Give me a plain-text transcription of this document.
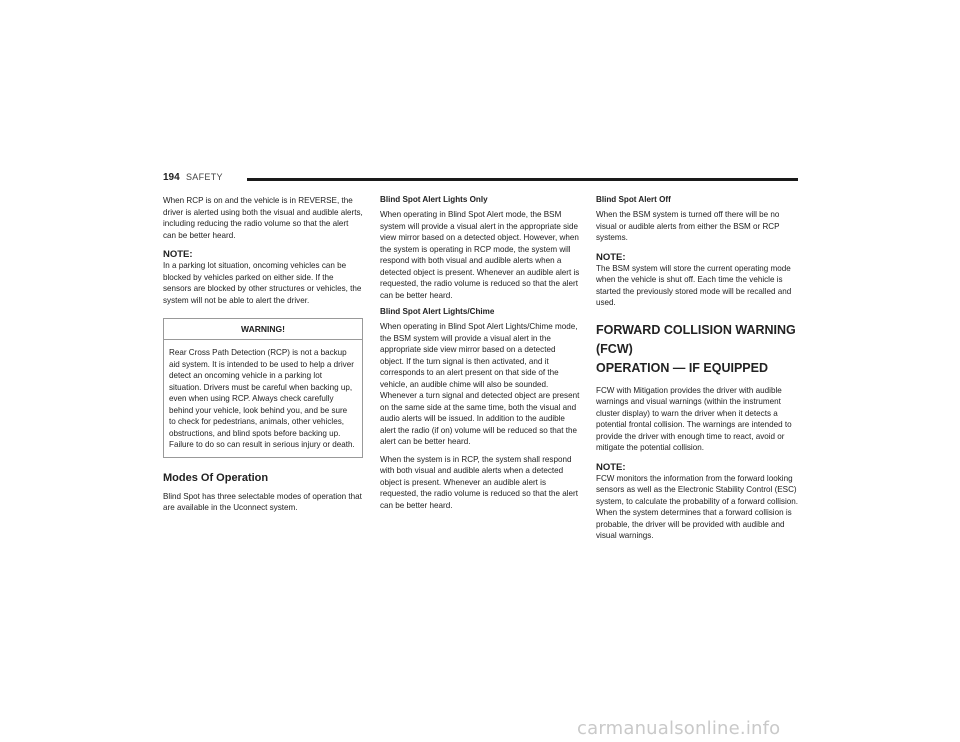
194 SAFETY

When RCP is on and the vehicle is in REVERSE, the driver is alerted using both the visual and audible alerts, including reducing the radio volume so that the alert can be better heard.

NOTE:

In a parking lot situation, oncoming vehicles can be blocked by vehicles parked on either side. If the sensors are blocked by other structures or vehicles, the system will not be able to alert the driver.

WARNING!
Rear Cross Path Detection (RCP) is not a backup aid system. It is intended to be used to help a driver detect an oncoming vehicle in a parking lot situation. Drivers must be careful when backing up, even when using RCP. Always check carefully behind your vehicle, look behind you, and be sure to check for pedestrians, animals, other vehicles, obstructions, and blind spots before backing up. Failure to do so can result in serious injury or death.
Modes Of Operation

Blind Spot has three selectable modes of operation that are available in the Uconnect system.

Blind Spot Alert Lights Only

When operating in Blind Spot Alert mode, the BSM system will provide a visual alert in the appropriate side view mirror based on a detected object. However, when the system is operating in RCP mode, the system will respond with both visual and audible alerts when a detected object is present. Whenever an audible alert is requested, the radio volume is reduced so that the alert can be better heard.

Blind Spot Alert Lights/Chime

When operating in Blind Spot Alert Lights/Chime mode, the BSM system will provide a visual alert in the appropriate side view mirror based on a detected object. If the turn signal is then activated, and it corresponds to an alert present on that side of the vehicle, an audible chime will also be sounded. Whenever a turn signal and detected object are present on the same side at the same time, both the visual and audio alerts will be issued. In addition to the audible alert the radio (if on) volume will be reduced so that the alert can be better heard.

When the system is in RCP, the system shall respond with both visual and audible alerts when a detected object is present. Whenever an audible alert is requested, the radio volume is reduced so that the alert can be better heard.

Blind Spot Alert Off

When the BSM system is turned off there will be no visual or audible alerts from either the BSM or RCP systems.

NOTE:

The BSM system will store the current operating mode when the vehicle is shut off. Each time the vehicle is started the previously stored mode will be recalled and used.

FORWARD COLLISION WARNING (FCW)
OPERATION — IF EQUIPPED

FCW with Mitigation provides the driver with audible warnings and visual warnings (within the instrument cluster display) to warn the driver when it detects a potential frontal collision. The warnings are intended to provide the driver with enough time to react, avoid or mitigate the potential collision.

NOTE:

FCW monitors the information from the forward looking sensors as well as the Electronic Stability Control (ESC) system, to calculate the probability of a forward collision. When the system determines that a forward collision is probable, the driver will be provided with audible and visual warnings.

carmanualsonline.info
